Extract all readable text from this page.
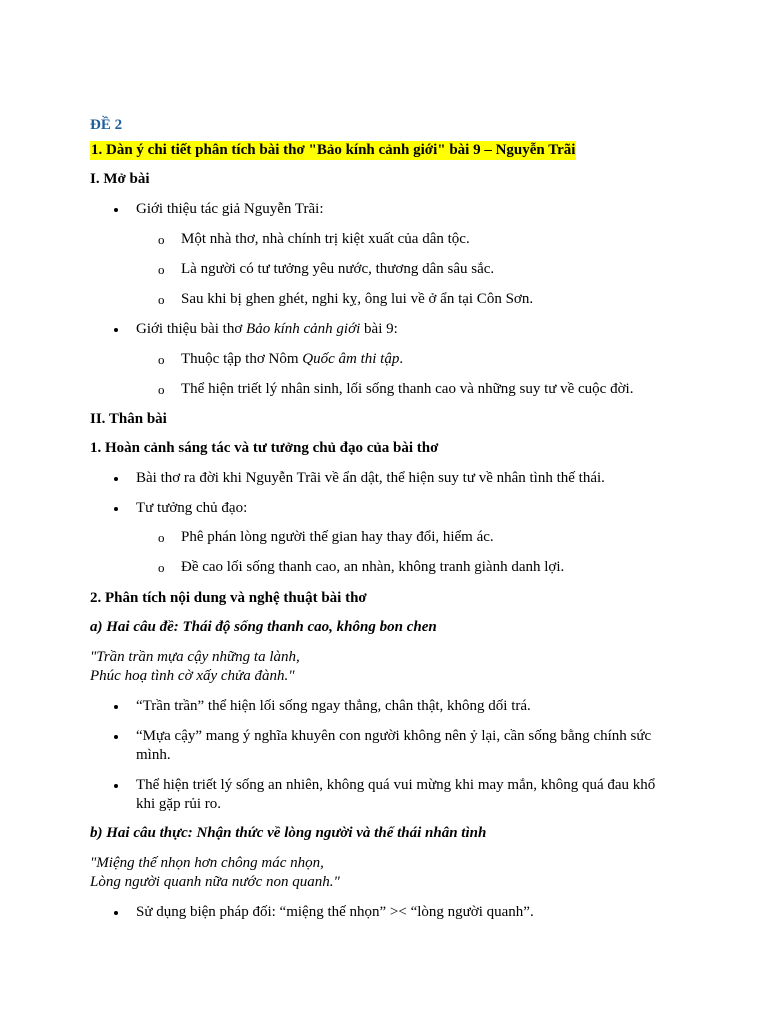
ĐỀ 2
1. Dàn ý chi tiết phân tích bài thơ "Bảo kính cảnh giới" bài 9 – Nguyễn Trãi
I. Mở bài
Giới thiệu tác giả Nguyễn Trãi:
o Một nhà thơ, nhà chính trị kiệt xuất của dân tộc.
o Là người có tư tưởng yêu nước, thương dân sâu sắc.
o Sau khi bị ghen ghét, nghi kỵ, ông lui về ở ẩn tại Côn Sơn.
Giới thiệu bài thơ Bảo kính cảnh giới bài 9:
o Thuộc tập thơ Nôm Quốc âm thi tập.
o Thể hiện triết lý nhân sinh, lối sống thanh cao và những suy tư về cuộc đời.
II. Thân bài
1. Hoàn cảnh sáng tác và tư tưởng chủ đạo của bài thơ
Bài thơ ra đời khi Nguyễn Trãi về ẩn dật, thể hiện suy tư về nhân tình thế thái.
Tư tưởng chủ đạo:
o Phê phán lòng người thế gian hay thay đổi, hiểm ác.
o Đề cao lối sống thanh cao, an nhàn, không tranh giành danh lợi.
2. Phân tích nội dung và nghệ thuật bài thơ
a) Hai câu đề: Thái độ sống thanh cao, không bon chen
"Trần trần mựa cậy những ta lành,
Phúc hoạ tình cờ xấy chửa đành."
“Trần trần” thể hiện lối sống ngay thẳng, chân thật, không dối trá.
“Mựa cậy” mang ý nghĩa khuyên con người không nên ỷ lại, cần sống bằng chính sức mình.
Thể hiện triết lý sống an nhiên, không quá vui mừng khi may mắn, không quá đau khổ khi gặp rủi ro.
b) Hai câu thực: Nhận thức về lòng người và thế thái nhân tình
"Miệng thế nhọn hơn chông mác nhọn,
Lòng người quanh nữa nước non quanh."
Sử dụng biện pháp đối: “miệng thế nhọn” >< “lòng người quanh”.
